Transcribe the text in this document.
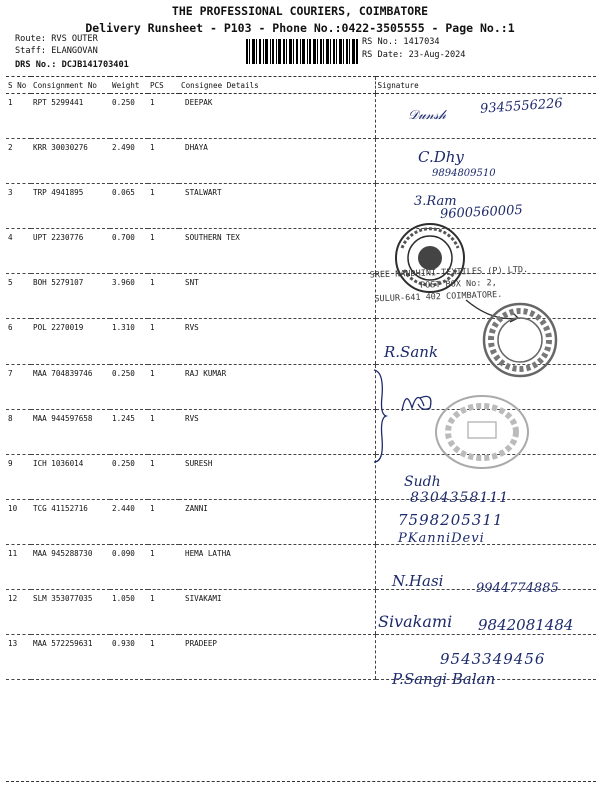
THE PROFESSIONAL COURIERS, COIMBATORE
Delivery Runsheet - P103 - Phone No.:0422-3505555 - Page No.:1
Route: RVS OUTER
Staff: ELANGOVAN
DRS No.: DCJB141703401
RS No.: 1417034
RS Date: 23-Aug-2024
S No	Consignment No	Weight	PCS	Consignee Details	Signature
1	RPT 5299441	0.250	1	DEEPAK	
2	KRR 30030276	2.490	1	DHAYA	
3	TRP 4941895	0.065	1	STALWART	
4	UPT 2230776	0.700	1	SOUTHERN TEX	
5	BOH 5279107	3.960	1	SNT	
6	POL 2270019	1.310	1	RVS	
7	MAA 704839746	0.250	1	RAJ KUMAR	
8	MAA 944597658	1.245	1	RVS	
9	ICH 1036014	0.250	1	SURESH	
10	TCG 41152716	2.440	1	ZANNI	
11	MAA 945288730	0.090	1	HEMA LATHA	
12	SLM 353077035	1.050	1	SIVAKAMI	
13	MAA 572259631	0.930	1	PRADEEP	
𝒟𝓊𝓃𝓈𝒽	9345556226
C.Dhy
9894809510
3.Ram
9600560005
R.Sank
Sudh
8304358111
7598205311
PKanniDevi
N.Hasi	9944774885
Sivakami 9842081484
9543349456
P.Sangi Balan
SREE NANDHINI TEXTILES (P) LTD.
POST BOX No: 2,
SULUR-641 402 COIMBATORE.
